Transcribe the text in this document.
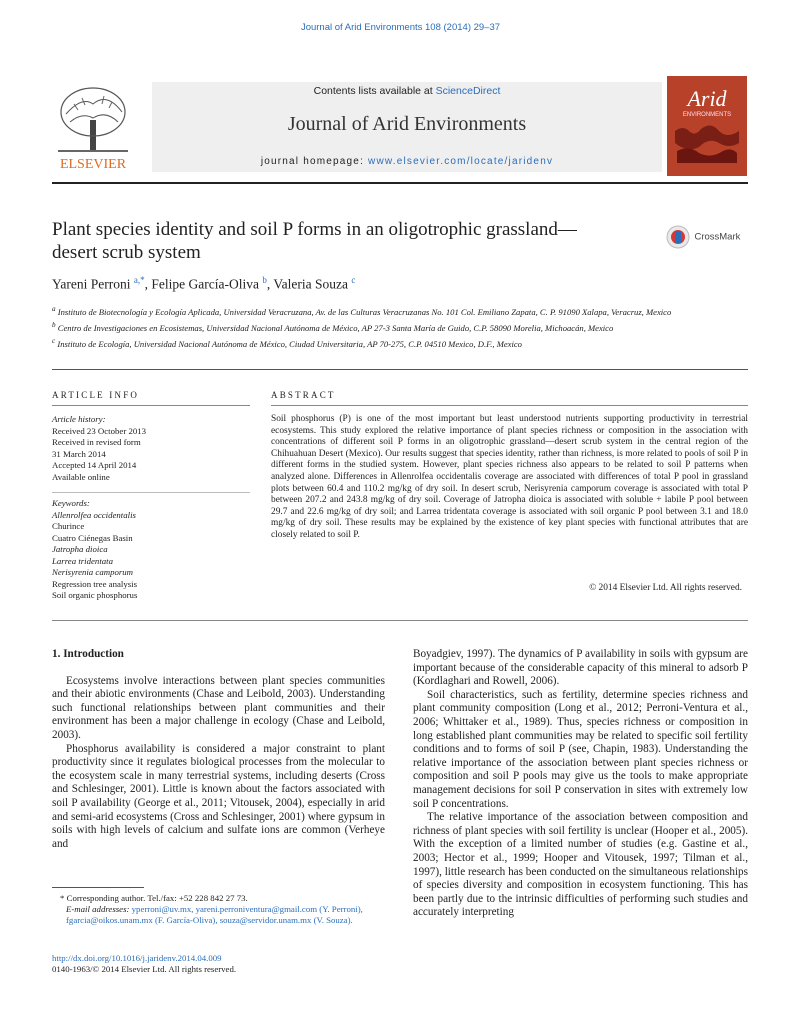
Journal of Arid Environments 108 (2014) 29–37
ELSEVIER
Contents lists available at ScienceDirect
Journal of Arid Environments
journal homepage: www.elsevier.com/locate/jaridenv
Arid
ENVIRONMENTS
Plant species identity and soil P forms in an oligotrophic grassland—desert scrub system
CrossMark
Yareni Perroni $^{a,*}$, Felipe García-Oliva $^b$, Valeria Souza $^c$
$^a$ Instituto de Biotecnología y Ecología Aplicada, Universidad Veracruzana, Av. de las Culturas Veracruzanas No. 101 Col. Emiliano Zapata, C. P. 91090 Xalapa, Veracruz, Mexico
$^b$ Centro de Investigaciones en Ecosistemas, Universidad Nacional Autónoma de México, AP 27-3 Santa María de Guido, C.P. 58090 Morelia, Michoacán, Mexico
$^c$ Instituto de Ecología, Universidad Nacional Autónoma de México, Ciudad Universitaria, AP 70-275, C.P. 04510 Mexico, D.F., Mexico
ARTICLE INFO	ABSTRACT
Article history:
Received 23 October 2013
Received in revised form
31 March 2014
Accepted 14 April 2014
Available online
Keywords:
Allenrolfea occidentalis
Churince
Cuatro Ciénegas Basin
Jatropha dioica
Larrea tridentata
Nerisyrenia camporum
Regression tree analysis
Soil organic phosphorus
Soil phosphorus (P) is one of the most important but least understood nutrients supporting productivity in terrestrial ecosystems. This study explored the relative importance of plant species richness or composition in the association with concentrations of different soil P forms in an oligotrophic grassland—desert scrub system in the central region of the Chihuahuan Desert (Mexico). Our results suggest that species identity, rather than richness, is more related to pools of soil P in different forms in the studied system. However, plant species richness also appears to be related to soil P patterns when analyzed alone. Differences in Allenrolfea occidentalis coverage are associated with differences of total P pool in grassland plots between 60.4 and 110.2 mg/kg of dry soil. In desert scrub, Nerisyrenia camporum coverage is associated with total P between 207.2 and 243.8 mg/kg of dry soil. Coverage of Jatropha dioica is associated with soluble + labile P pool between 29.7 and 22.6 mg/kg of dry soil; and Larrea tridentata coverage is associated with soil organic P pool between 3.1 and 18.0 mg/kg of dry soil. These results may be explained by the existence of key plant species with functional attributes that are closely related to soil P.
© 2014 Elsevier Ltd. All rights reserved.
1. Introduction

Ecosystems involve interactions between plant species communities and their abiotic environments (Chase and Leibold, 2003). Understanding such functional relationships between plant communities and their environment has been a major challenge in ecology (Chase and Leibold, 2003).

Phosphorus availability is considered a major constraint to plant productivity since it regulates biological processes from the molecular to the ecosystem scale in many terrestrial systems, including deserts (Cross and Schlesinger, 2001). Little is known about the factors associated with soil P availability (George et al., 2011; Vitousek, 2004), especially in arid and semi-arid ecosystems (Cross and Schlesinger, 2001) where gypsum in soils with high levels of calcium and sulfate ions are common (Verheye and

Boyadgiev, 1997). The dynamics of P availability in soils with gypsum are important because of the considerable capacity of this mineral to adsorb P (Kordlaghari and Rowell, 2006).

Soil characteristics, such as fertility, determine species richness and plant community composition (Long et al., 2012; Perroni-Ventura et al., 2006; Whittaker et al., 1989). Thus, species richness or composition in long established plant communities may be related to specific soil fertility conditions and to forms of soil P (see, Chapin, 1983). Understanding the relative importance of the association between plant species richness or composition and soil P pools may give us the tools to make appropriate management decisions for soil P conservation in sites with extremely low soil P concentrations.

The relative importance of the association between composition and richness of plant species with soil fertility is unclear (Hooper et al., 2005). With the exception of a limited number of studies (e.g. Gastine et al., 2003; Hector et al., 1999; Hooper and Vitousek, 1997; Tilman et al., 1997), little research has been conducted on the simultaneous relationships of species diversity and composition in ecosystem functioning. This has been partly due to the intrinsic difficulties of performing such studies and accurately interpreting

* Corresponding author. Tel./fax: +52 228 842 27 73.
E-mail addresses: yperroni@uv.mx, yareni.perroniventura@gmail.com (Y. Perroni), fgarcia@oikos.unam.mx (F. García-Oliva), souza@servidor.unam.mx (V. Souza).
http://dx.doi.org/10.1016/j.jaridenv.2014.04.009
0140-1963/© 2014 Elsevier Ltd. All rights reserved.
